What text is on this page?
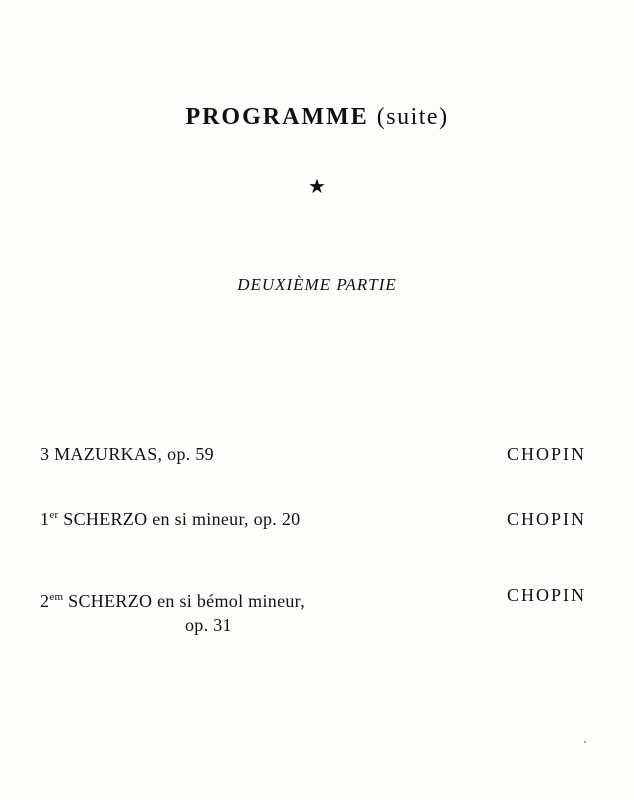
PROGRAMME (suite)
★
DEUXIÈME PARTIE
3 MAZURKAS, op. 59	CHOPIN
1er SCHERZO en si mineur, op. 20	CHOPIN
$2^{em}$ SCHERZO en si bémol mineur,
op. 31
CHOPIN
